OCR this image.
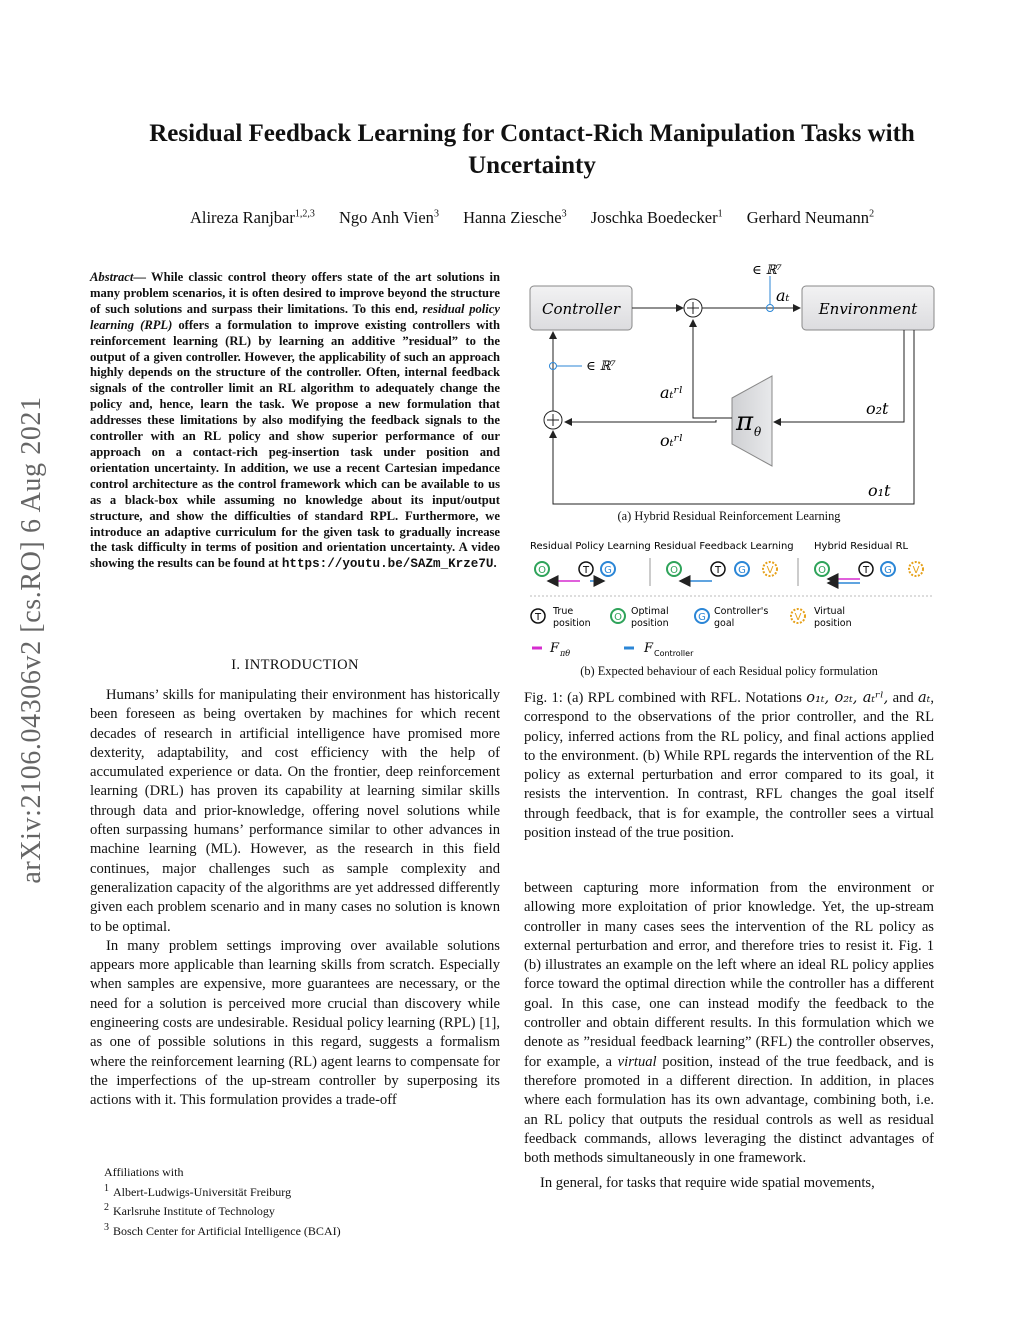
arXiv:2106.04306v2 [cs.RO] 6 Aug 2021
Residual Feedback Learning for Contact-Rich Manipulation Tasks with
Uncertainty
Alireza Ranjbar$^{1,2,3}$ Ngo Anh Vien$^3$ Hanna Ziesche$^3$ Joschka Boedecker$^1$ Gerhard Neumann$^2$
Abstract— While classic control theory offers state of the art solutions in many problem scenarios, it is often desired to improve beyond the structure of such solutions and surpass their limitations. To this end, residual policy learning (RPL) offers a formulation to improve existing controllers with reinforcement learning (RL) by learning an additive ”residual” to the output of a given controller. However, the applicability of such an approach highly depends on the structure of the controller. Often, internal feedback signals of the controller limit an RL algorithm to adequately change the policy and, hence, learn the task. We propose a new formulation that addresses these limitations by also modifying the feedback signals to the controller with an RL policy and show superior performance of our approach on a contact-rich peg-insertion task under position and orientation uncertainty. In addition, we use a recent Cartesian impedance control architecture as the control framework which can be available to us as a black-box while assuming no knowledge about its input/output structure, and show the difficulties of standard RPL. Furthermore, we introduce an adaptive curriculum for the given task to gradually increase the task difficulty in terms of position and orientation uncertainty. A video showing the results can be found at https://youtu.be/SAZm_Krze7U.
I. INTRODUCTION

Humans’ skills for manipulating their environment has historically been foreseen as being overtaken by machines for which recent decades of research in artificial intelligence have promised more dexterity, adaptability, and cost efficiency with the help of accumulated experience or data. On the frontier, deep reinforcement learning (DRL) has proven its capability at learning similar skills through data and prior-knowledge, offering novel solutions while often surpassing humans’ performance similar to other advances in machine learning (ML). However, as the research in this field continues, major challenges such as sample complexity and generalization capacity of the algorithms are yet addressed differently given each problem scenario and in many cases no solution is known to be optimal.

In many problem settings improving over available solutions appears more applicable than learning skills from scratch. Especially when samples are expensive, more guarantees are necessary, or the need for a solution is perceived more crucial than discovery while engineering costs are undesirable. Residual policy learning (RPL) [1], as one of possible solutions in this regard, suggests a formalism where the reinforcement learning (RL) agent learns to compensate for the imperfections of the up-stream controller by superposing its actions with it. This formulation provides a trade-off

Affiliations with
$^1$ Albert-Ludwigs-Universität Freiburg
$^2$ Karlsruhe Institute of Technology
$^3$ Bosch Center for Artificial Intelligence (BCAI)
Controller	Environment
∈ ℝ⁷
aₜ
∈ ℝ⁷
π θ
aₜʳˡ
oₜʳˡ
o₂t
o₁t
(a) Hybrid Residual Reinforcement Learning
Residual Policy Learning Residual Feedback Learning Hybrid Residual RL
O	T G	O	T G V	O	T G V
T
True
position
O
Optimal
position
G
Controller's
goal
V
Virtual
position
F πθ	F Controller
(b) Expected behaviour of each Residual policy formulation

Fig. 1: (a) RPL combined with RFL. Notations o₁ₜ, o₂ₜ, aₜʳˡ, and aₜ, correspond to the observations of the prior controller, and the RL policy, inferred actions from the RL policy, and final actions applied to the environment. (b) While RPL regards the intervention of the RL policy as external perturbation and error compared to its goal, it resists the intervention. In contrast, RFL changes the goal itself through feedback, that is for example, the controller sees a virtual position instead of the true position.

between capturing more information from the environment or allowing more exploitation of prior knowledge. Yet, the up-stream controller in many cases sees the intervention of the RL policy as external perturbation and error, and therefore tries to resist it. Fig. 1 (b) illustrates an example on the left where an ideal RL policy applies force toward the optimal direction while the controller has a different goal. In this case, one can instead modify the feedback to the controller and obtain different results. In this formulation which we denote as ”residual feedback learning” (RFL) the controller observes, for example, a virtual position, instead of the true feedback, and is therefore promoted in a different direction. In addition, in places where each formulation has its own advantage, combining both, i.e. an RL policy that outputs the residual controls as well as residual feedback commands, allows leveraging the distinct advantages of both methods simultaneously in one framework.

In general, for tasks that require wide spatial movements,
